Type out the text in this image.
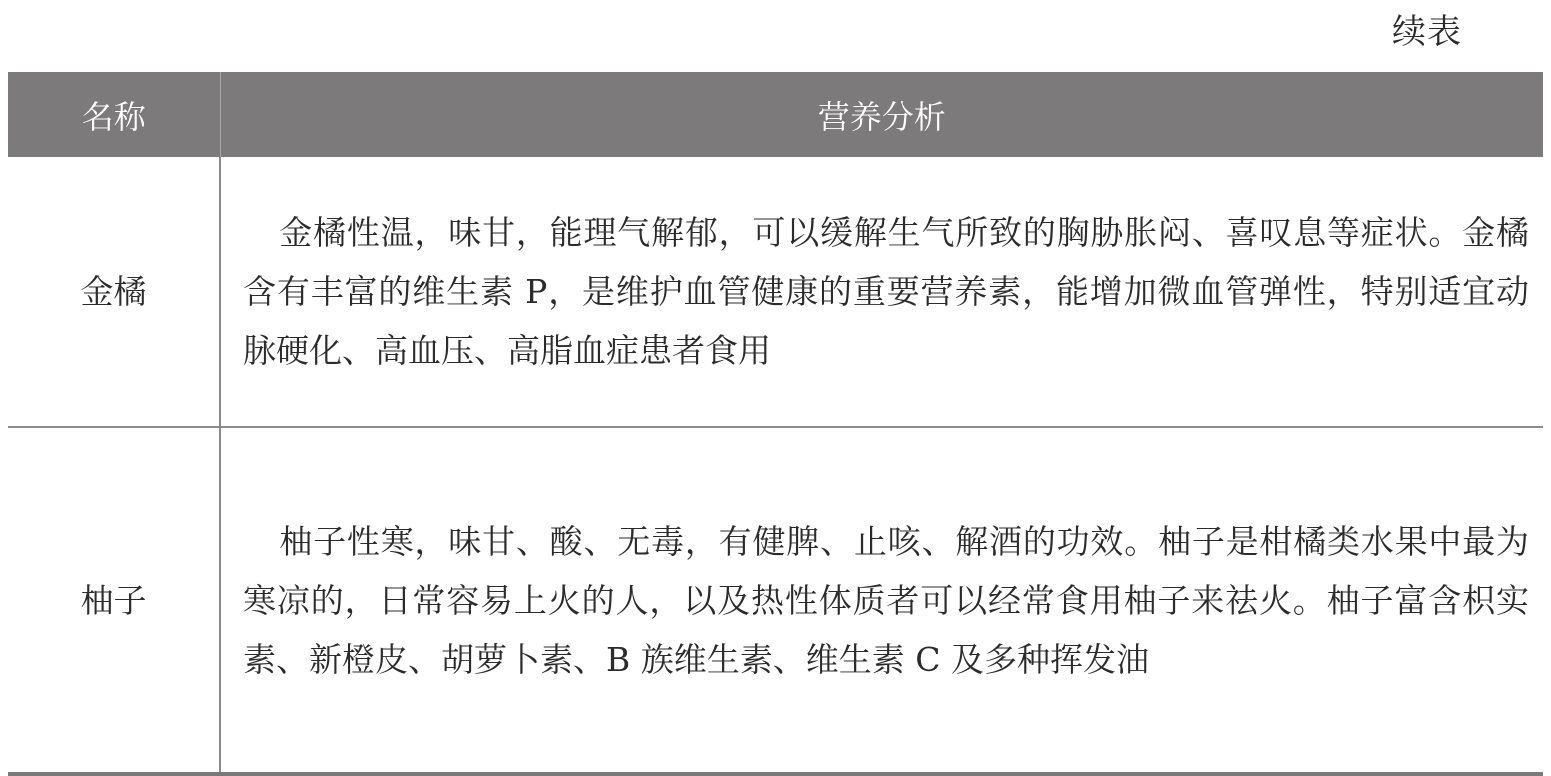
续表
名称	营养分析
金橘	金橘性温，味甘，能理气解郁，可以缓解生气所致的胸胁胀闷、喜叹息等症状。金橘含有丰富的维生素 P，是维护血管健康的重要营养素，能增加微血管弹性，特别适宜动脉硬化、高血压、高脂血症患者食用
柚子	柚子性寒，味甘、酸、无毒，有健脾、止咳、解酒的功效。柚子是柑橘类水果中最为寒凉的，日常容易上火的人，以及热性体质者可以经常食用柚子来祛火。柚子富含枳实素、新橙皮、胡萝卜素、B 族维生素、维生素 C 及多种挥发油
